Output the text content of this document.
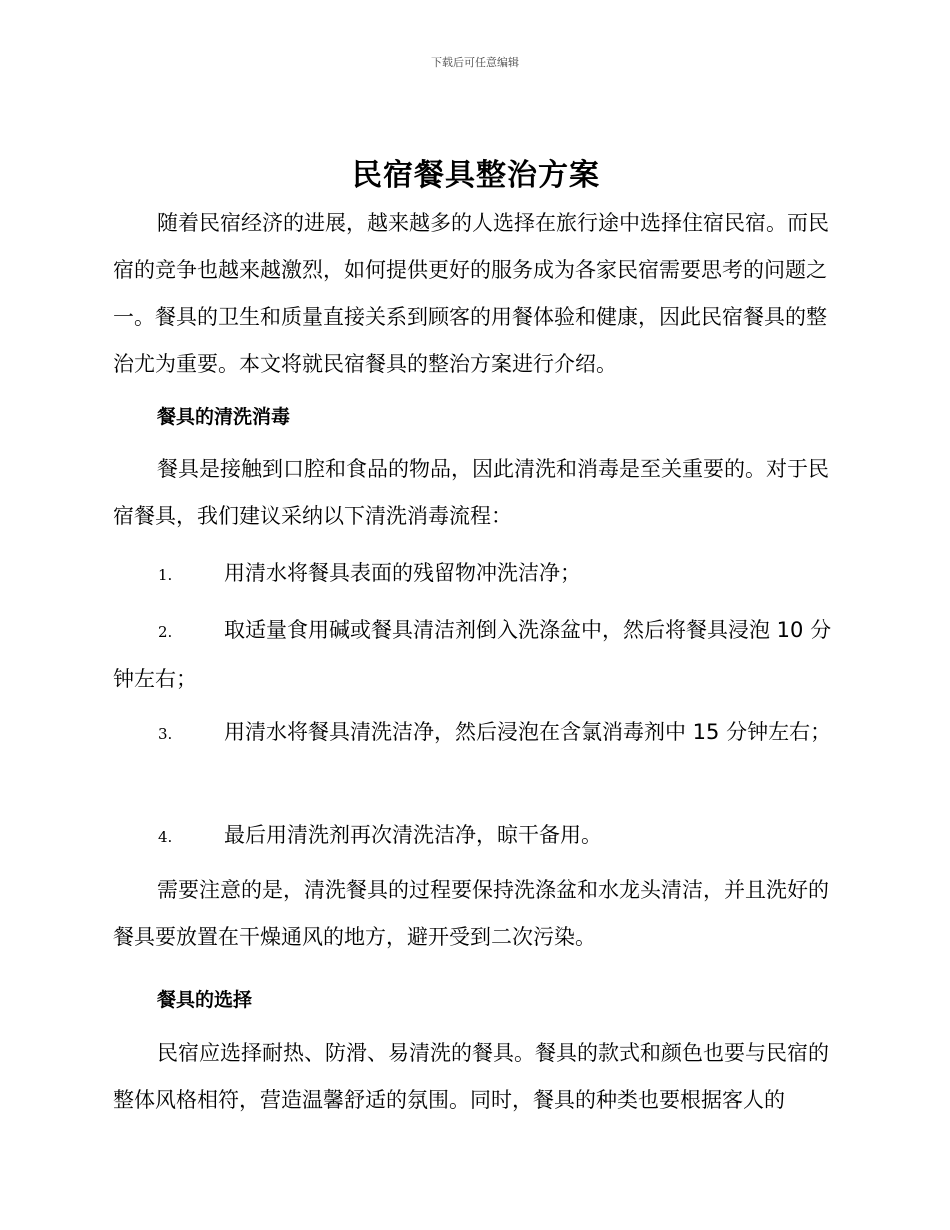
下载后可任意编辑
民宿餐具整治方案

随着民宿经济的进展，越来越多的人选择在旅行途中选择住宿民宿。而民宿的竞争也越来越激烈，如何提供更好的服务成为各家民宿需要思考的问题之一。餐具的卫生和质量直接关系到顾客的用餐体验和健康，因此民宿餐具的整治尤为重要。本文将就民宿餐具的整治方案进行介绍。

餐具的清洗消毒

餐具是接触到口腔和食品的物品，因此清洗和消毒是至关重要的。对于民宿餐具，我们建议采纳以下清洗消毒流程：

1. 用清水将餐具表面的残留物冲洗洁净；

2. 取适量食用碱或餐具清洁剂倒入洗涤盆中，然后将餐具浸泡 10 分钟左右；

3. 用清水将餐具清洗洁净，然后浸泡在含氯消毒剂中 15 分钟左右；

4. 最后用清洗剂再次清洗洁净，晾干备用。

需要注意的是，清洗餐具的过程要保持洗涤盆和水龙头清洁，并且洗好的餐具要放置在干燥通风的地方，避开受到二次污染。

餐具的选择

民宿应选择耐热、防滑、易清洗的餐具。餐具的款式和颜色也要与民宿的整体风格相符，营造温馨舒适的氛围。同时，餐具的种类也要根据客人的
